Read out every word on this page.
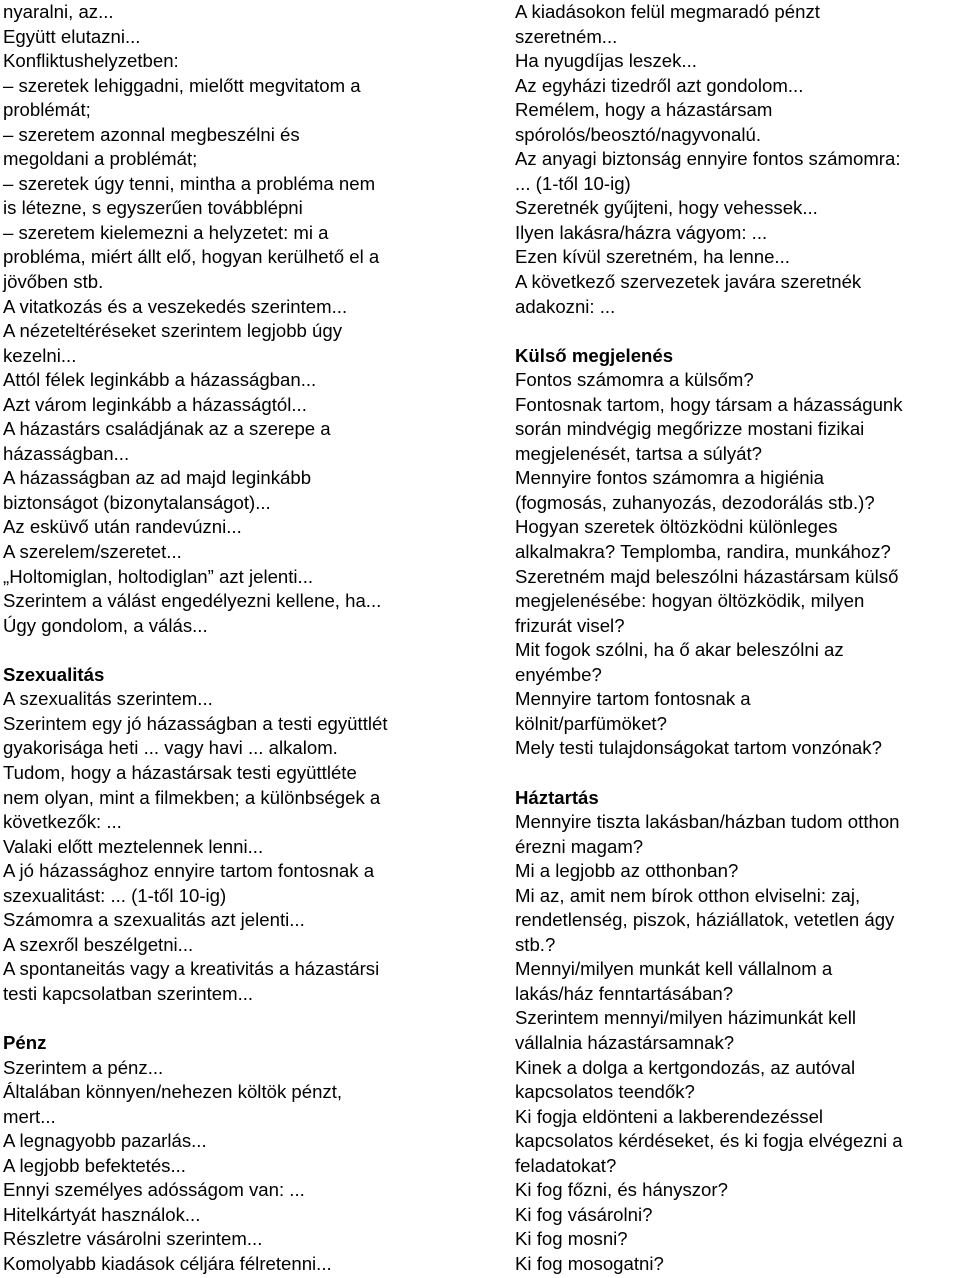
nyaralni, az...

Együtt elutazni...

Konfliktushelyzetben:

– szeretek lehiggadni, mielőtt megvitatom a

problémát;

– szeretem azonnal megbeszélni és

megoldani a problémát;

– szeretek úgy tenni, mintha a probléma nem

is létezne, s egyszerűen továbblépni

– szeretem kielemezni a helyzetet: mi a

probléma, miért állt elő, hogyan kerülhető el a

jövőben stb.

A vitatkozás és a veszekedés szerintem...

A nézeteltéréseket szerintem legjobb úgy

kezelni...

Attól félek leginkább a házasságban...

Azt várom leginkább a házasságtól...

A házastárs családjának az a szerepe a

házasságban...

A házasságban az ad majd leginkább

biztonságot (bizonytalanságot)...

Az esküvő után randevúzni...

A szerelem/szeretet...

„Holtomiglan, holtodiglan” azt jelenti...

Szerintem a válást engedélyezni kellene, ha...

Úgy gondolom, a válás...

Szexualitás

A szexualitás szerintem...

Szerintem egy jó házasságban a testi együttlét

gyakorisága heti ... vagy havi ... alkalom.

Tudom, hogy a házastársak testi együttléte

nem olyan, mint a filmekben; a különbségek a

következők: ...

Valaki előtt meztelennek lenni...

A jó házassághoz ennyire tartom fontosnak a

szexualitást: ... (1-től 10-ig)

Számomra a szexualitás azt jelenti...

A szexről beszélgetni...

A spontaneitás vagy a kreativitás a házastársi

testi kapcsolatban szerintem...

Pénz

Szerintem a pénz...

Általában könnyen/nehezen költök pénzt,

mert...

A legnagyobb pazarlás...

A legjobb befektetés...

Ennyi személyes adósságom van: ...

Hitelkártyát használok...

Részletre vásárolni szerintem...

Komolyabb kiadások céljára félretenni...

A kiadásokon felül megmaradó pénzt

szeretném...

Ha nyugdíjas leszek...

Az egyházi tizedről azt gondolom...

Remélem, hogy a házastársam

spórolós/beosztó/nagyvonalú.

Az anyagi biztonság ennyire fontos számomra:

... (1-től 10-ig)

Szeretnék gyűjteni, hogy vehessek...

Ilyen lakásra/házra vágyom: ...

Ezen kívül szeretném, ha lenne...

A következő szervezetek javára szeretnék

adakozni: ...

Külső megjelenés

Fontos számomra a külsőm?

Fontosnak tartom, hogy társam a házasságunk

során mindvégig megőrizze mostani fizikai

megjelenését, tartsa a súlyát?

Mennyire fontos számomra a higiénia

(fogmosás, zuhanyozás, dezodorálás stb.)?

Hogyan szeretek öltözködni különleges

alkalmakra? Templomba, randira, munkához?

Szeretném majd beleszólni házastársam külső

megjelenésébe: hogyan öltözködik, milyen

frizurát visel?

Mit fogok szólni, ha ő akar beleszólni az

enyémbe?

Mennyire tartom fontosnak a

kölnit/parfümöket?

Mely testi tulajdonságokat tartom vonzónak?

Háztartás

Mennyire tiszta lakásban/házban tudom otthon

érezni magam?

Mi a legjobb az otthonban?

Mi az, amit nem bírok otthon elviselni: zaj,

rendetlenség, piszok, háziállatok, vetetlen ágy

stb.?

Mennyi/milyen munkát kell vállalnom a

lakás/ház fenntartásában?

Szerintem mennyi/milyen házimunkát kell

vállalnia házastársamnak?

Kinek a dolga a kertgondozás, az autóval

kapcsolatos teendők?

Ki fogja eldönteni a lakberendezéssel

kapcsolatos kérdéseket, és ki fogja elvégezni a

feladatokat?

Ki fog főzni, és hányszor?

Ki fog vásárolni?

Ki fog mosni?

Ki fog mosogatni?
